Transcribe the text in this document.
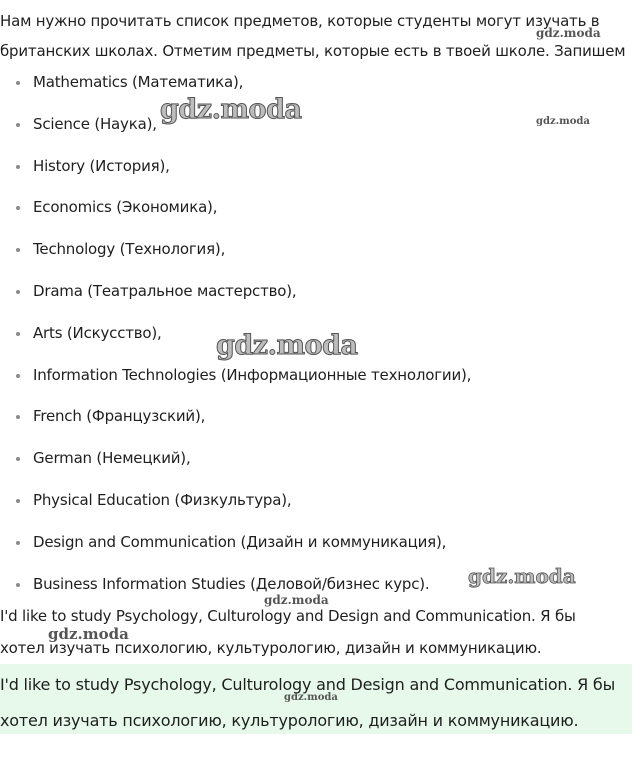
Нам нужно прочитать список предметов, которые студенты могут изучать в британских школах. Отметим предметы, которые есть в твоей школе. Запишем

Mathematics (Математика),
Science (Наука),
History (История),
Economics (Экономика),
Technology (Технология),
Drama (Театральное мастерство),
Arts (Искусство),
Information Technologies (Информационные технологии),
French (Французский),
German (Немецкий),
Physical Education (Физкультура),
Design and Communication (Дизайн и коммуникация),
Business Information Studies (Деловой/бизнес курс).

I'd like to study Psychology, Culturology and Design and Communication. Я бы хотел изучать психологию, культурологию, дизайн и коммуникацию.

I'd like to study Psychology, Culturology and Design and Communication. Я бы хотел изучать психологию, культурологию, дизайн и коммуникацию.
gdz.moda
gdz.moda	gdz.moda
gdz.moda
gdz.moda
gdz.moda
gdz.moda
gdz.moda
